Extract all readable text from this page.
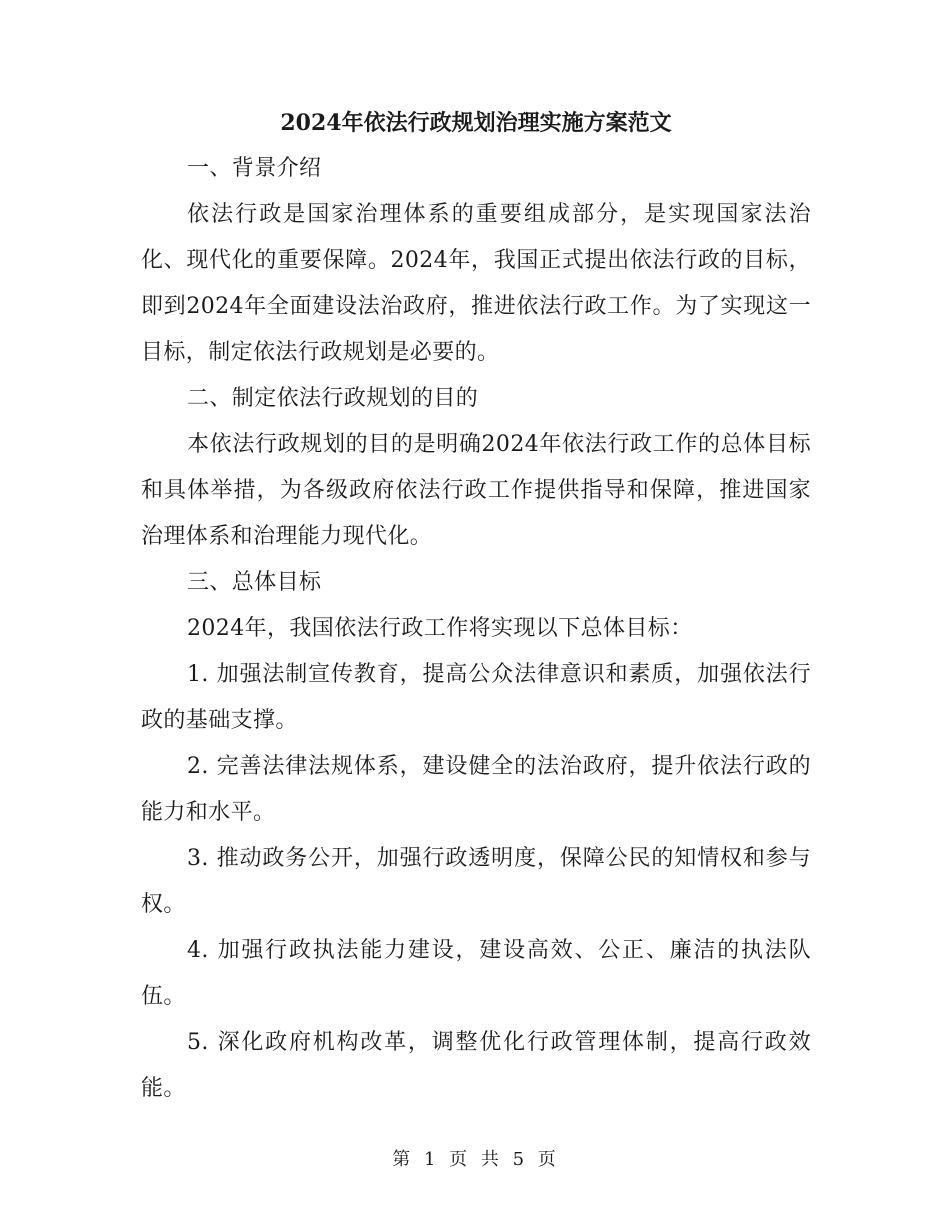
2024年依法行政规划治理实施方案范文

一、背景介绍

依法行政是国家治理体系的重要组成部分，是实现国家法治化、现代化的重要保障。2024年，我国正式提出依法行政的目标，即到2024年全面建设法治政府，推进依法行政工作。为了实现这一目标，制定依法行政规划是必要的。

二、制定依法行政规划的目的

本依法行政规划的目的是明确2024年依法行政工作的总体目标和具体举措，为各级政府依法行政工作提供指导和保障，推进国家治理体系和治理能力现代化。

三、总体目标

2024年，我国依法行政工作将实现以下总体目标：

1. 加强法制宣传教育，提高公众法律意识和素质，加强依法行政的基础支撑。

2. 完善法律法规体系，建设健全的法治政府，提升依法行政的能力和水平。

3. 推动政务公开，加强行政透明度，保障公民的知情权和参与权。

4. 加强行政执法能力建设，建设高效、公正、廉洁的执法队伍。

5. 深化政府机构改革，调整优化行政管理体制，提高行政效能。

第 1 页 共 5 页
